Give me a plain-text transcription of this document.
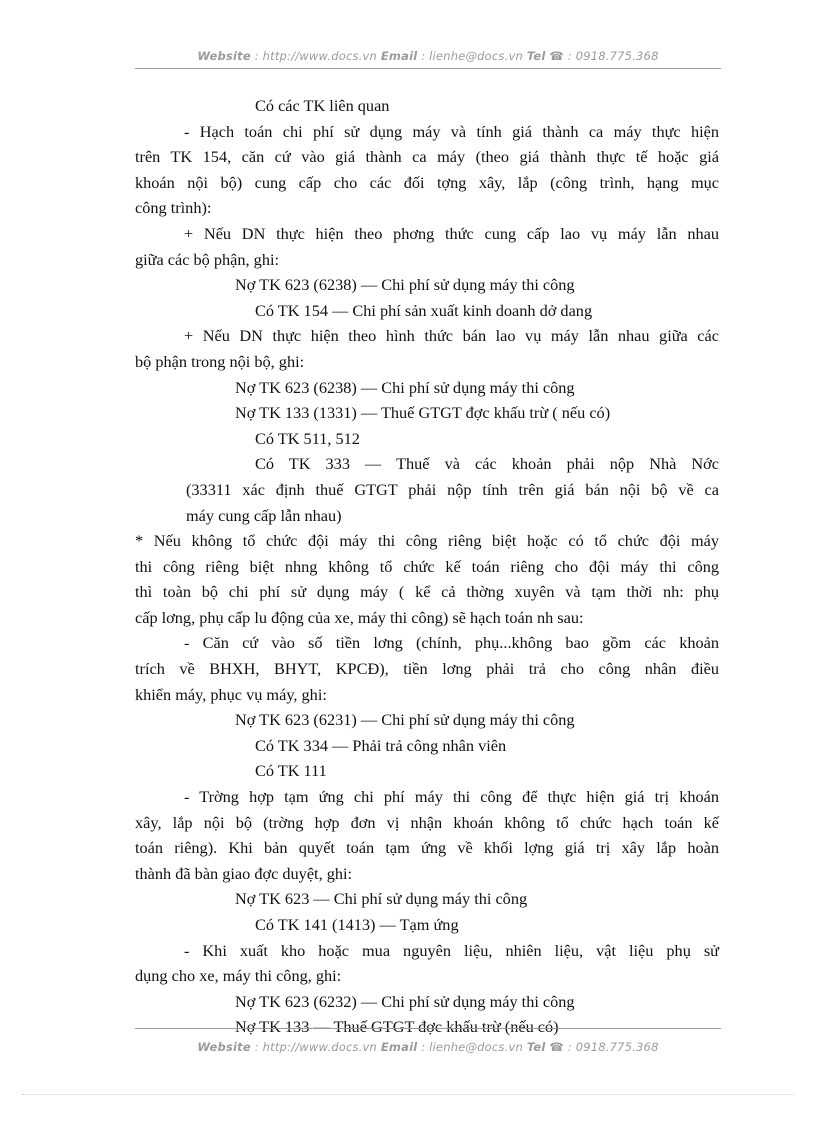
Website : http://www.docs.vn Email : lienhe@docs.vn Tel ☎ : 0918.775.368
Có các TK liên quan
- Hạch toán chi phí sử dụng máy và tính giá thành ca máy thực hiện
trên TK 154, căn cứ vào giá thành ca máy (theo giá thành thực tế hoặc giá
khoán nội bộ) cung cấp cho các đối tợng xây, lắp (công trình, hạng mục
công trình):
+ Nếu DN thực hiện theo phơng thức cung cấp lao vụ máy lẫn nhau
giữa các bộ phận, ghi:
Nợ TK 623 (6238) — Chi phí sử dụng máy thi công
Có TK 154 — Chi phí sản xuất kinh doanh dở dang
+ Nếu DN thực hiện theo hình thức bán lao vụ máy lẫn nhau giữa các
bộ phận trong nội bộ, ghi:
Nợ TK 623 (6238) — Chi phí sử dụng máy thi công
Nợ TK 133 (1331) — Thuế GTGT đợc khấu trừ ( nếu có)
Có TK 511, 512
Có TK 333 — Thuế và các khoản phải nộp Nhà Nớc
(33311 xác định thuế GTGT phải nộp tính trên giá bán nội bộ về ca
máy cung cấp lẫn nhau)
* Nếu không tổ chức đội máy thi công riêng biệt hoặc có tổ chức đội máy
thi công riêng biệt nhng không tổ chức kế toán riêng cho đội máy thi công
thì toàn bộ chi phí sử dụng máy ( kể cả thờng xuyên và tạm thời nh: phụ
cấp lơng, phụ cấp lu động của xe, máy thi công) sẽ hạch toán nh sau:
- Căn cứ vào số tiền lơng (chính, phụ...không bao gồm các khoản
trích về BHXH, BHYT, KPCĐ), tiền lơng phải trả cho công nhân điều
khiển máy, phục vụ máy, ghi:
Nợ TK 623 (6231) — Chi phí sử dụng máy thi công
Có TK 334 — Phải trả công nhân viên
Có TK 111
- Trờng hợp tạm ứng chi phí máy thi công để thực hiện giá trị khoán
xây, lắp nội bộ (trờng hợp đơn vị nhận khoán không tổ chức hạch toán kế
toán riêng). Khi bản quyết toán tạm ứng về khối lợng giá trị xây lắp hoàn
thành đã bàn giao đợc duyệt, ghi:
Nợ TK 623 — Chi phí sử dụng máy thi công
Có TK 141 (1413) — Tạm ứng
- Khi xuất kho hoặc mua nguyên liệu, nhiên liệu, vật liệu phụ sử
dụng cho xe, máy thi công, ghi:
Nợ TK 623 (6232) — Chi phí sử dụng máy thi công
Nợ TK 133 — Thuế GTGT đợc khấu trừ (nếu có)
Website : http://www.docs.vn Email : lienhe@docs.vn Tel ☎ : 0918.775.368
